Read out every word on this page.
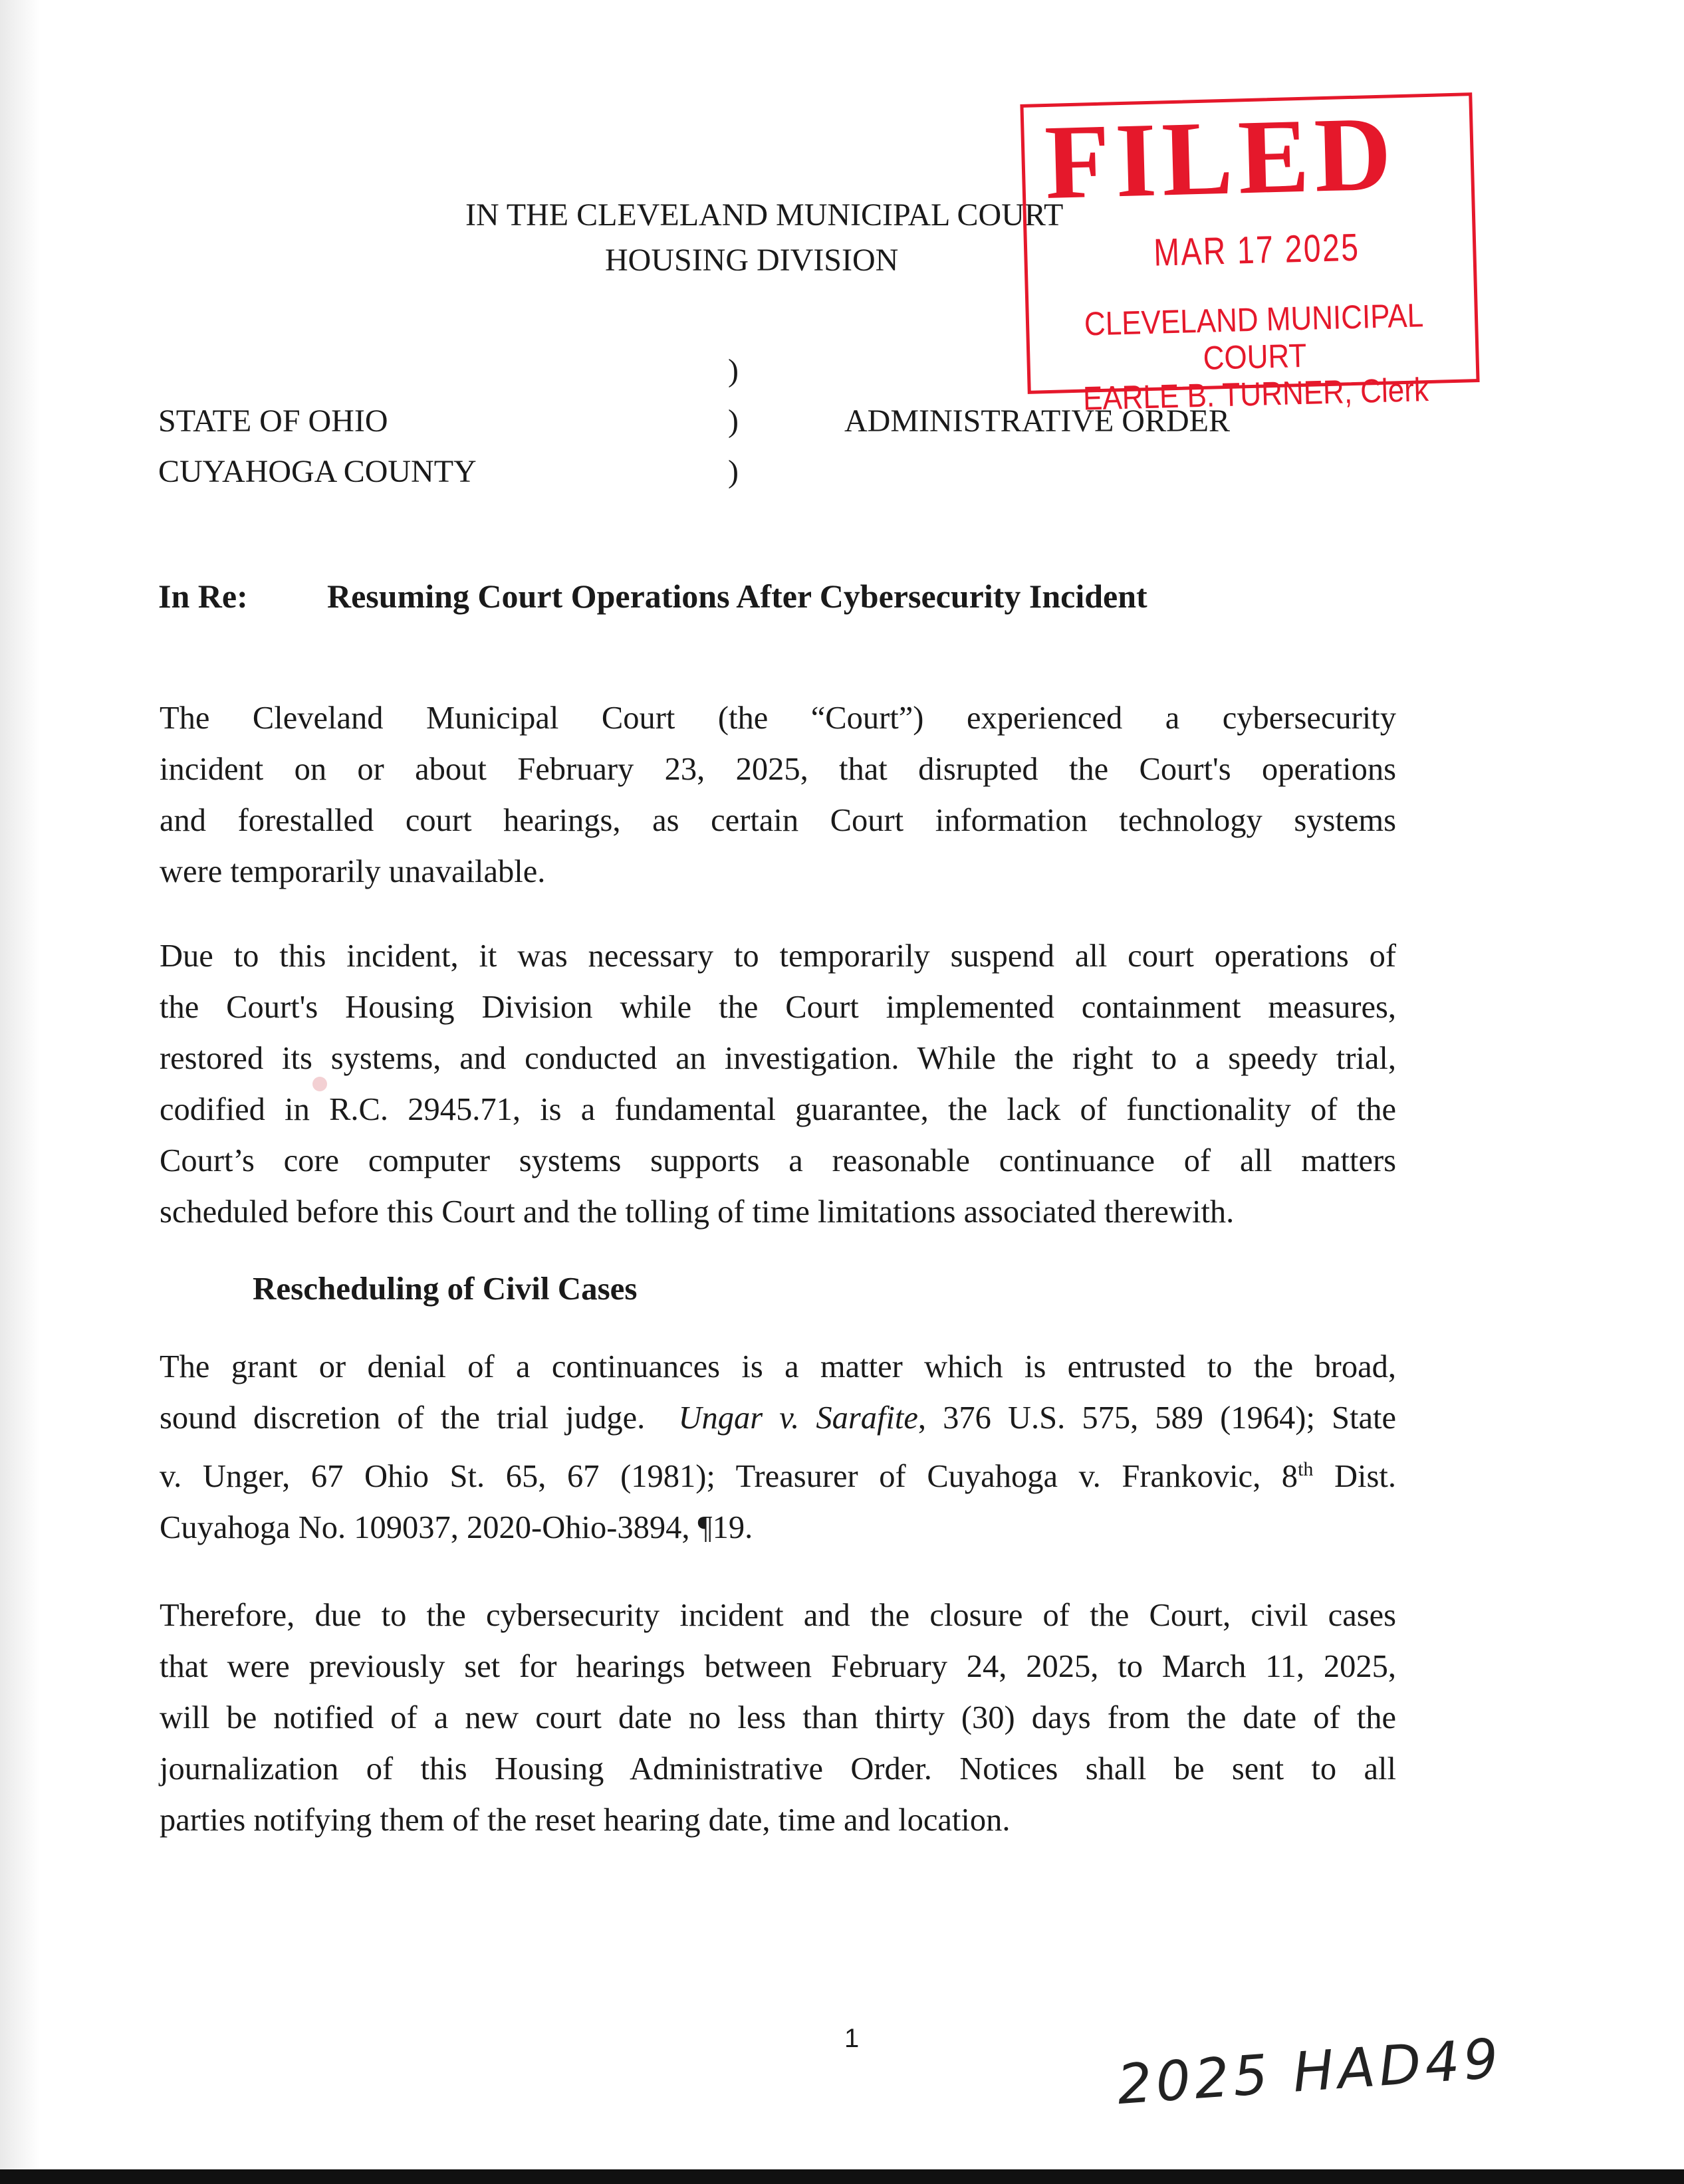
IN THE CLEVELAND MUNICIPAL COURT
HOUSING DIVISION
)
)
)
STATE OF OHIO
CUYAHOGA COUNTY
ADMINISTRATIVE ORDER
In Re: Resuming Court Operations After Cybersecurity Incident
The Cleveland Municipal Court (the “Court”) experienced a cybersecurity
incident on or about February 23, 2025, that disrupted the Court's operations
and forestalled court hearings, as certain Court information technology systems
were temporarily unavailable.
Due to this incident, it was necessary to temporarily suspend all court operations of
the Court's Housing Division while the Court implemented containment measures,
restored its systems, and conducted an investigation. While the right to a speedy trial,
codified in R.C. 2945.71, is a fundamental guarantee, the lack of functionality of the
Court’s core computer systems supports a reasonable continuance of all matters
scheduled before this Court and the tolling of time limitations associated therewith.
Rescheduling of Civil Cases
The grant or denial of a continuances is a matter which is entrusted to the broad,
sound discretion of the trial judge. Ungar v. Sarafite, 376 U.S. 575, 589 (1964); State
v. Unger, 67 Ohio St. 65, 67 (1981); Treasurer of Cuyahoga v. Frankovic, 8th Dist.
Cuyahoga No. 109037, 2020-Ohio-3894, ¶19.
Therefore, due to the cybersecurity incident and the closure of the Court, civil cases
that were previously set for hearings between February 24, 2025, to March 11, 2025,
will be notified of a new court date no less than thirty (30) days from the date of the
journalization of this Housing Administrative Order. Notices shall be sent to all
parties notifying them of the reset hearing date, time and location.
FILED
MAR 17 2025
CLEVELAND MUNICIPAL COURT
EARLE B. TURNER, Clerk
1	2025 HAD49
